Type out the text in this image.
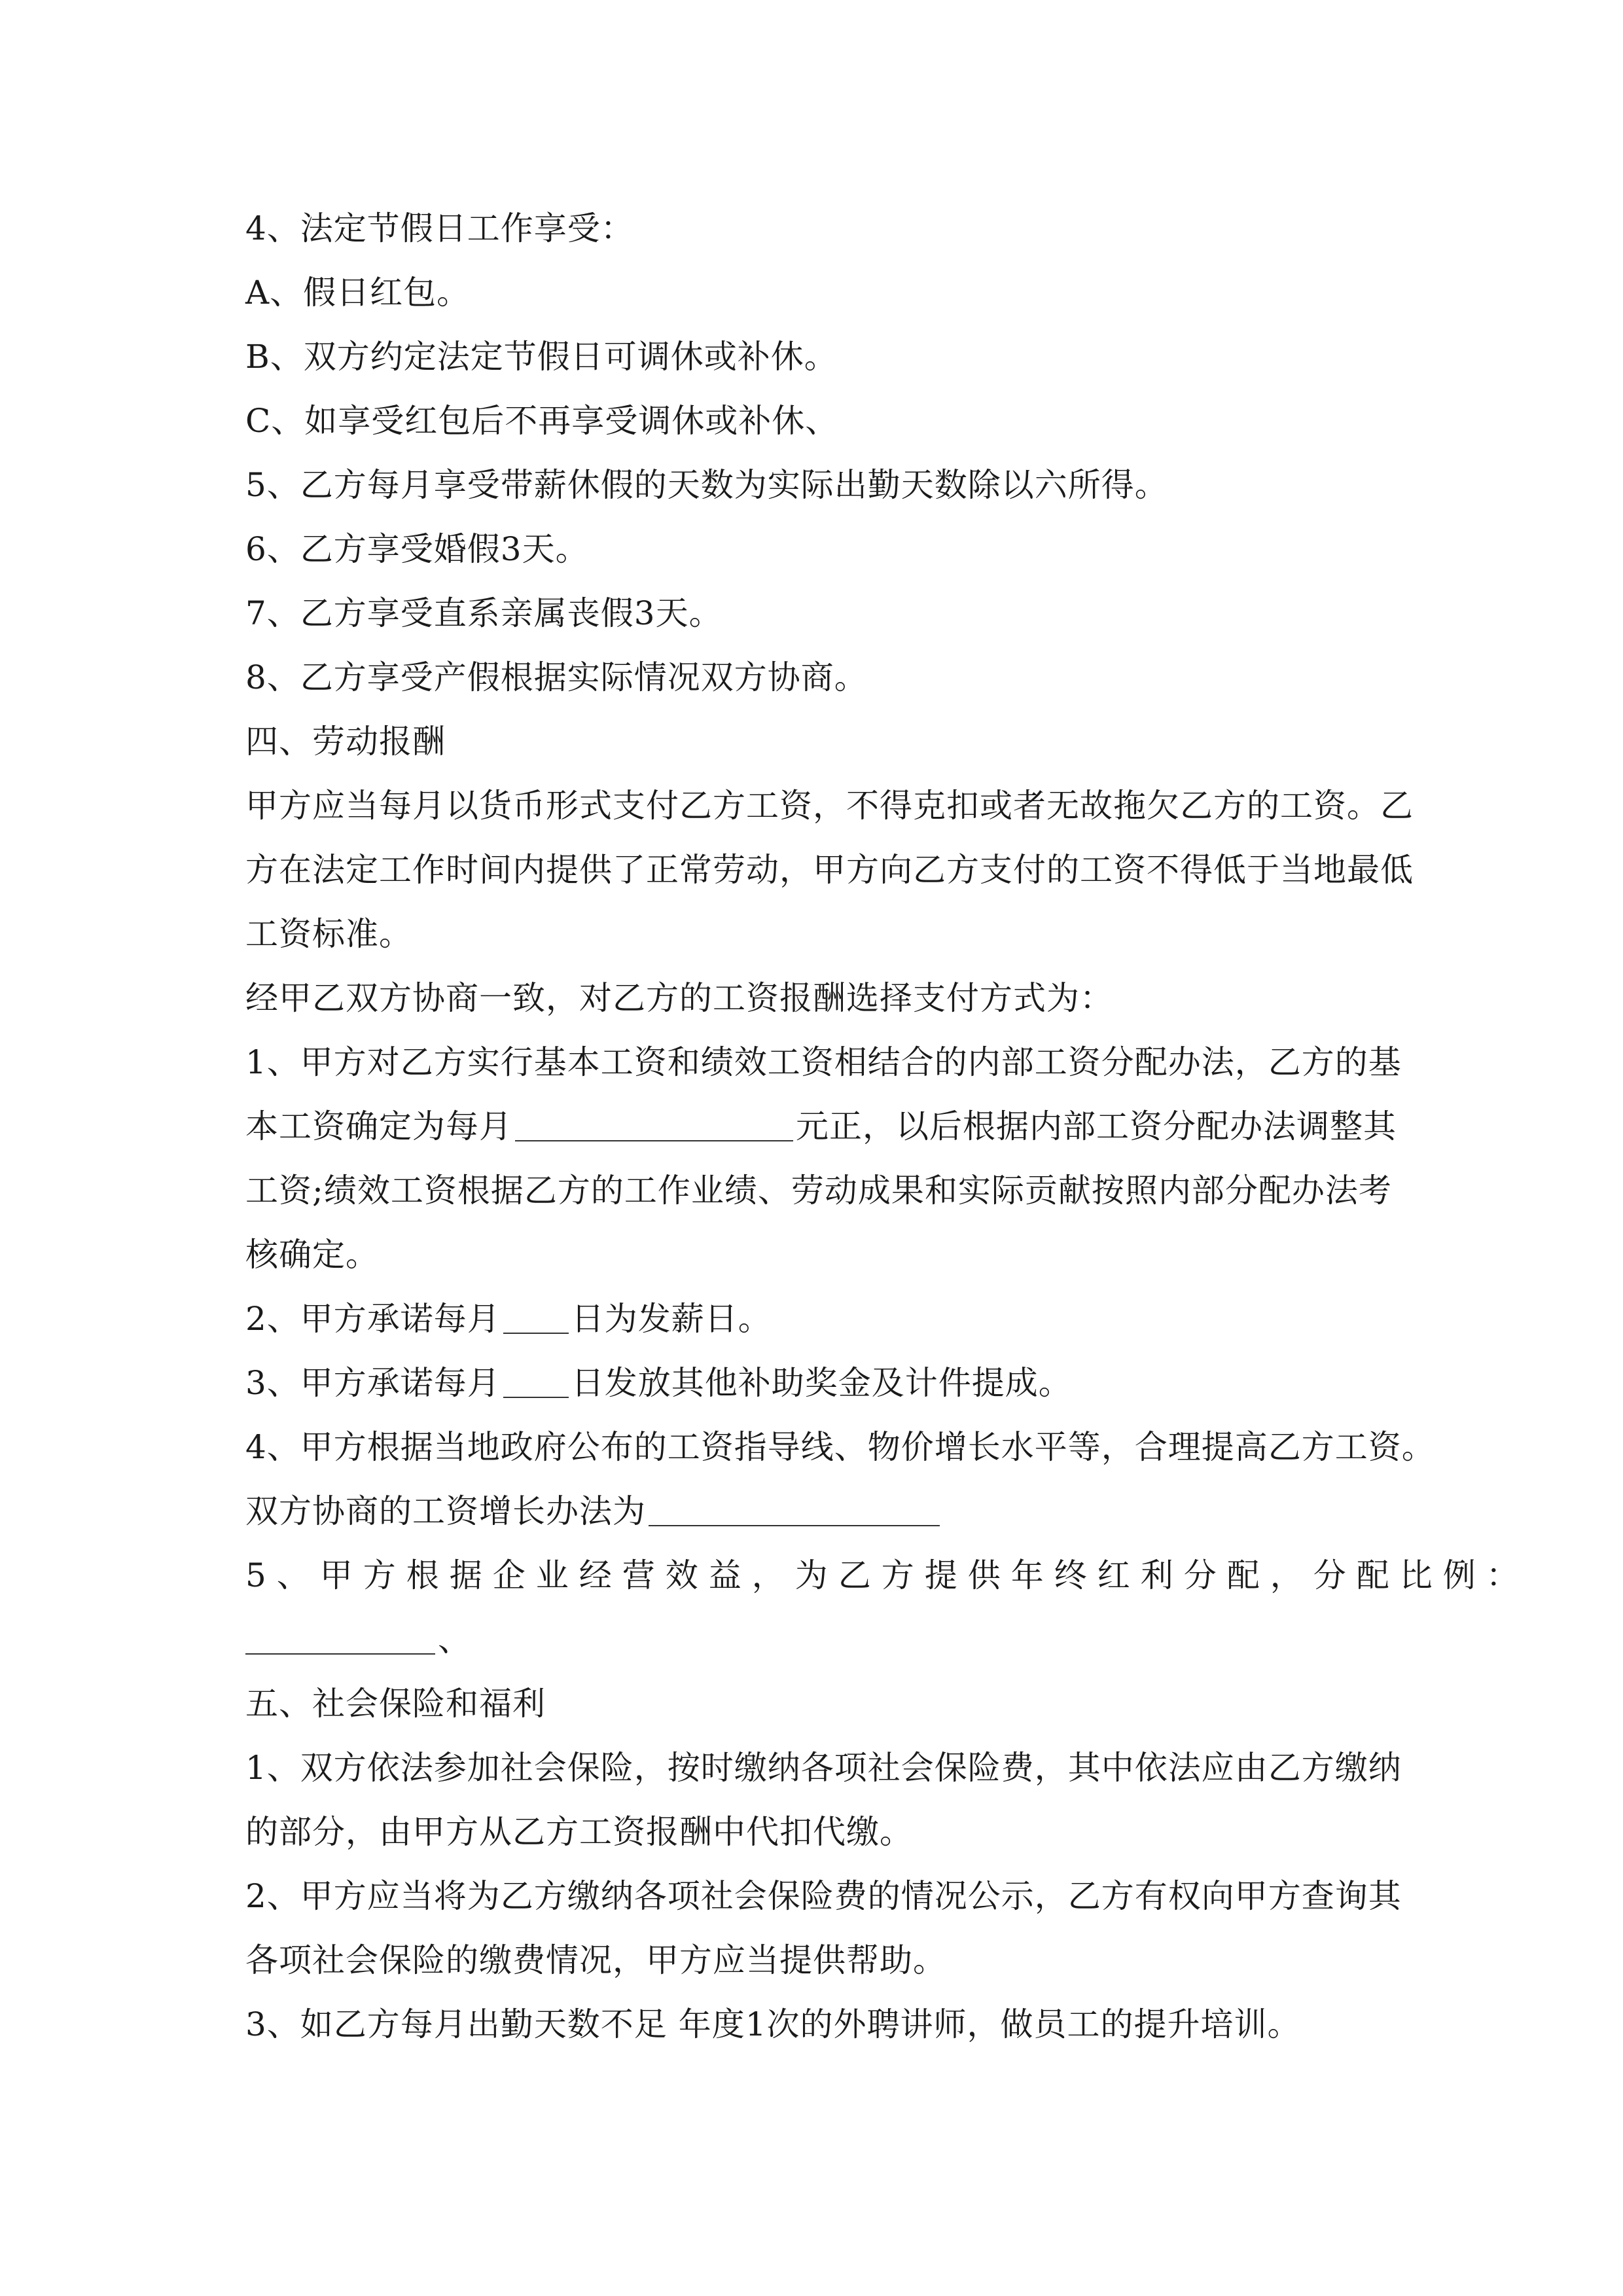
4、法定节假日工作享受：
A、假日红包。
B、双方约定法定节假日可调休或补休。
C、如享受红包后不再享受调休或补休、
5、乙方每月享受带薪休假的天数为实际出勤天数除以六所得。
6、乙方享受婚假3天。
7、乙方享受直系亲属丧假3天。
8、乙方享受产假根据实际情况双方协商。
四、劳动报酬
甲方应当每月以货币形式支付乙方工资，不得克扣或者无故拖欠乙方的工资。乙
方在法定工作时间内提供了正常劳动，甲方向乙方支付的工资不得低于当地最低
工资标准。
经甲乙双方协商一致，对乙方的工资报酬选择支付方式为：
1、甲方对乙方实行基本工资和绩效工资相结合的内部工资分配办法，乙方的基
本工资确定为每月	元正，以后根据内部工资分配办法调整其
工资;绩效工资根据乙方的工作业绩、劳动成果和实际贡献按照内部分配办法考
核确定。
2、甲方承诺每月 日为发薪日。
3、甲方承诺每月 日发放其他补助奖金及计件提成。
4、甲方根据当地政府公布的工资指导线、物价增长水平等，合理提高乙方工资。
双方协商的工资增长办法为
5、甲方根据企业经营效益，为乙方提供年终红利分配，分配比例：
、
五、社会保险和福利
1、双方依法参加社会保险，按时缴纳各项社会保险费，其中依法应由乙方缴纳
的部分，由甲方从乙方工资报酬中代扣代缴。
2、甲方应当将为乙方缴纳各项社会保险费的情况公示，乙方有权向甲方查询其
各项社会保险的缴费情况，甲方应当提供帮助。
3、如乙方每月出勤天数不足 年度1次的外聘讲师，做员工的提升培训。
